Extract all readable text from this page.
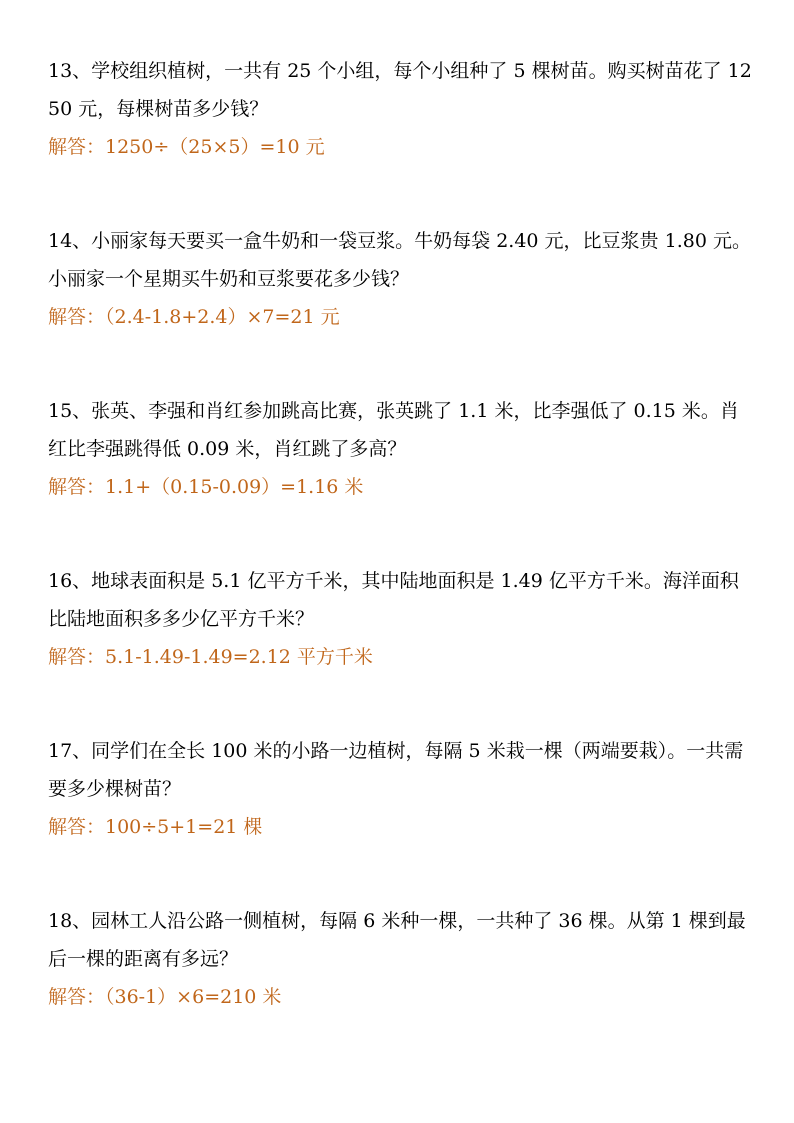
13、学校组织植树，一共有 25 个小组，每个小组种了 5 棵树苗。购买树苗花了 1250 元，每棵树苗多少钱？

解答：1250÷（25×5）=10 元

14、小丽家每天要买一盒牛奶和一袋豆浆。牛奶每袋 2.40 元，比豆浆贵 1.80 元。小丽家一个星期买牛奶和豆浆要花多少钱？

解答：（2.4-1.8+2.4）×7=21 元

15、张英、李强和肖红参加跳高比赛，张英跳了 1.1 米，比李强低了 0.15 米。肖红比李强跳得低 0.09 米，肖红跳了多高？

解答：1.1+（0.15-0.09）=1.16 米

16、地球表面积是 5.1 亿平方千米，其中陆地面积是 1.49 亿平方千米。海洋面积比陆地面积多多少亿平方千米？

解答：5.1-1.49-1.49=2.12 平方千米

17、同学们在全长 100 米的小路一边植树，每隔 5 米栽一棵（两端要栽）。一共需要多少棵树苗？

解答：100÷5+1=21 棵

18、园林工人沿公路一侧植树，每隔 6 米种一棵，一共种了 36 棵。从第 1 棵到最后一棵的距离有多远？

解答：（36-1）×6=210 米
